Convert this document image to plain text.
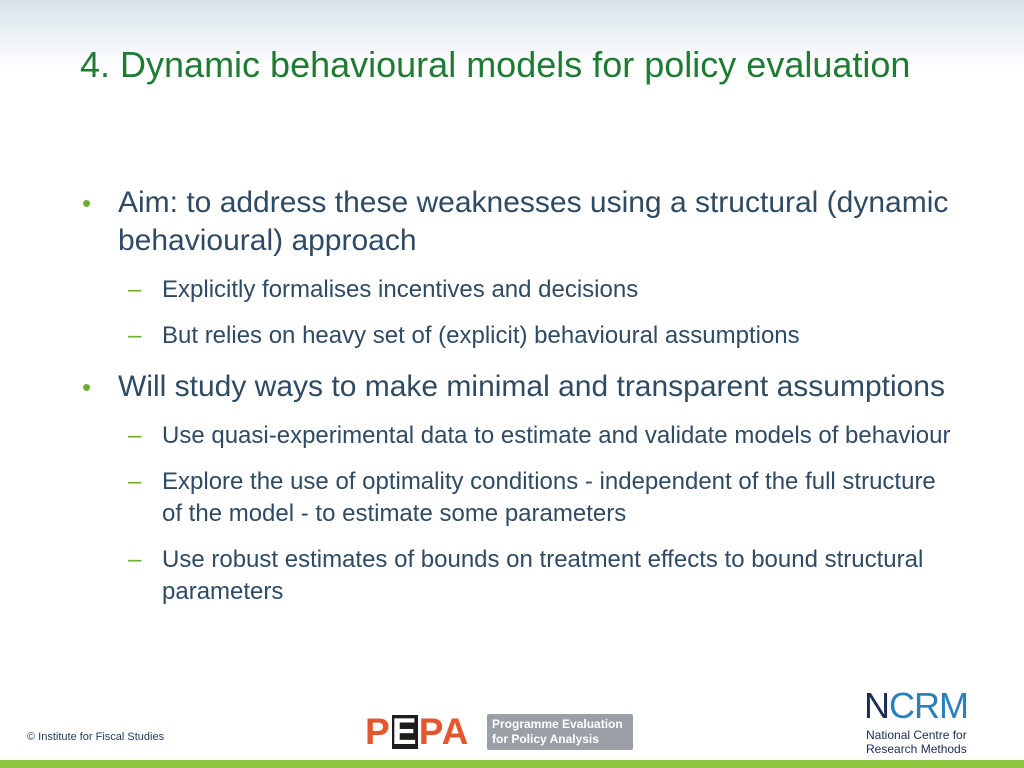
4. Dynamic behavioural models for policy evaluation
• Aim: to address these weaknesses using a structural (dynamic behavioural) approach
– Explicitly formalises incentives and decisions
– But relies on heavy set of (explicit) behavioural assumptions
• Will study ways to make minimal and transparent assumptions
– Use quasi-experimental data to estimate and validate models of behaviour
– Explore the use of optimality conditions - independent of the full structure of the model - to estimate some parameters
– Use robust estimates of bounds on treatment effects to bound structural parameters
© Institute for Fiscal Studies	PEPA	Programme Evaluation
for Policy Analysis
NCRM
National Centre for
Research Methods
